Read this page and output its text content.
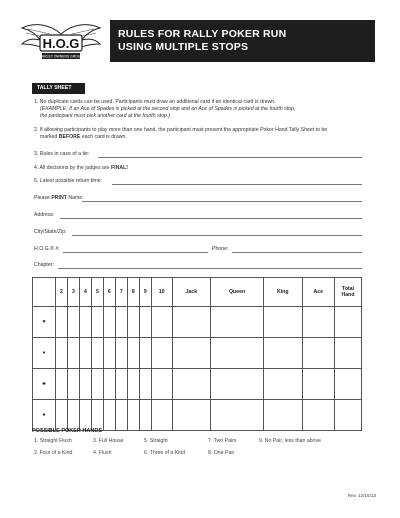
H.O.G
HARLEY OWNERS GROUP
RULES FOR RALLY POKER RUN
USING MULTIPLE STOPS
TALLY SHEET
1. No duplicate cards can be used. Participants must draw an additional card if an identical card is drawn.
(EXAMPLE: If an Ace of Spades is picked at the second stop and an Ace of Spades is picked at the fourth stop,
the participant must pick another card at the fourth stop.)
2. If allowing participants to play more than one hand, the participant must present the appropriate Poker Hand Tally Sheet to be
marked BEFORE each card is drawn.
3. Rules in case of a tie:
4. All decisions by the judges are FINAL!
5. Latest possible return time:
Please PRINT Name:
Address:
City/State/Zip:
H.O.G.® #:	Phone:
Chapter:
	2	3	4	5	6	7	8	9	10	Jack	Queen	King	Ace	Total
Hand

♥														
♦														
♣														
♠														
POSSIBLE POKER HANDS
1. Straight Flush	3. Full House	5. Straight	7. Two Pairs	9. No Pair, less than above
2. Four of a Kind	4. Flush	6. Three of a Kind	8. One Pair
Rev. 12/15/13
